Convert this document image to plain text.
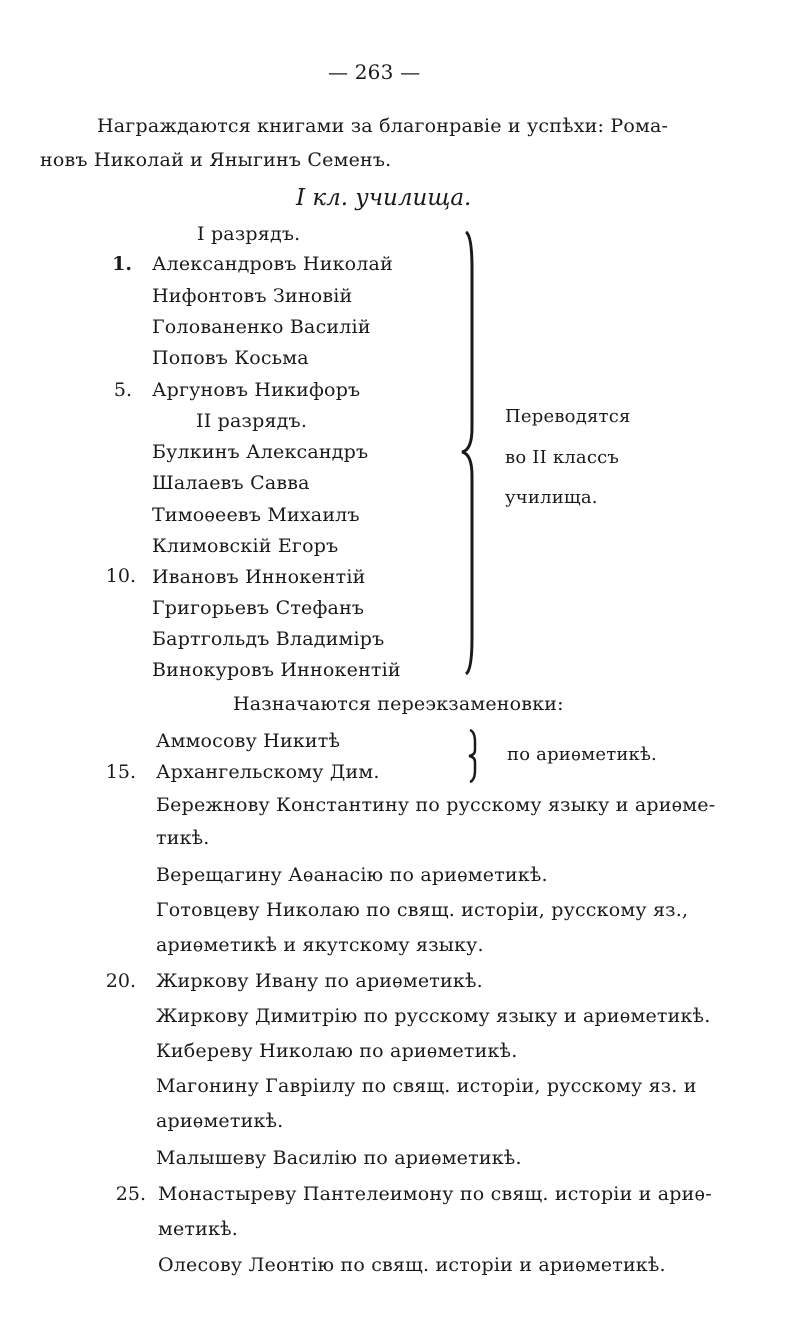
— 263 —
Награждаются книгами за благонравіе и успѣхи: Рома-
новъ Николай и Яныгинъ Семенъ.
I кл. училища.
I разрядъ.
1.
5.
10.
Александровъ Николай
Нифонтовъ Зиновій
Голованенко Василій
Поповъ Косьма
Аргуновъ Никифоръ
II разрядъ.
Булкинъ Александръ
Шалаевъ Савва
Тимоѳеевъ Михаилъ
Климовскій Егоръ
Ивановъ Иннокентій
Григорьевъ Стефанъ
Бартгольдъ Владиміръ
Винокуровъ Иннокентій
Переводятся
во II классъ
училища.
Назначаются переэкзаменовки:
Аммосову Никитѣ
15. Архангельскому Дим.
по ариѳметикѣ.
Бережнову Константину по русскому языку и ариѳме-
тикѣ.
Верещагину Аѳанасію по ариѳметикѣ.
Готовцеву Николаю по свящ. исторіи, русскому яз.,
ариѳметикѣ и якутскому языку.
20. Жиркову Ивану по ариѳметикѣ.
Жиркову Димитрію по русскому языку и ариѳметикѣ.
Кибереву Николаю по ариѳметикѣ.
Магонину Гавріилу по свящ. исторіи, русскому яз. и
ариѳметикѣ.
Малышеву Василію по ариѳметикѣ.
25. Монастыреву Пантелеимону по свящ. исторіи и ариѳ-
метикѣ.
Олесову Леонтію по свящ. исторіи и ариѳметикѣ.
